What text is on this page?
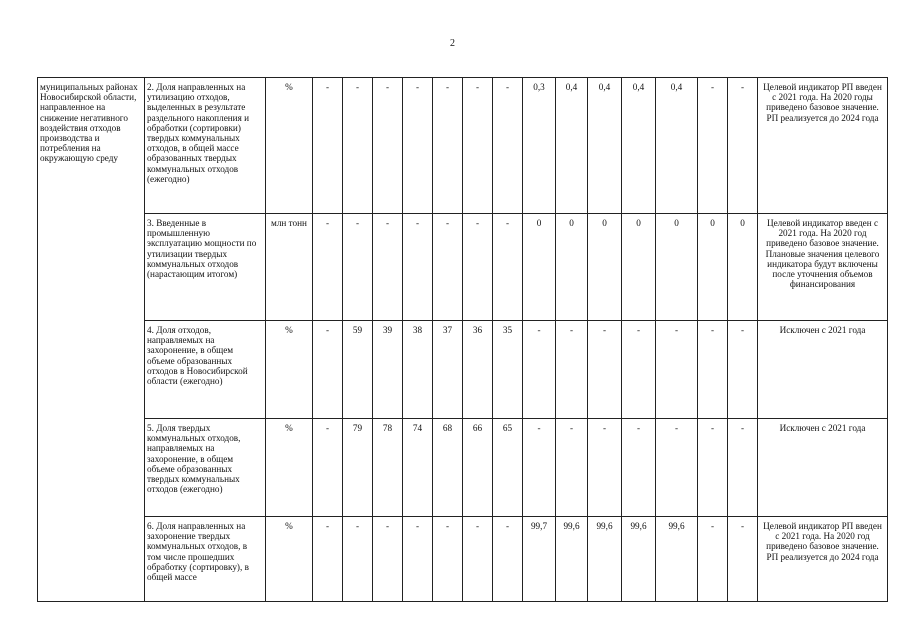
2
муниципальных районах Новосибирской области, направленное на снижение негативного воздействия отходов производства и потребления на окружающую среду	2. Доля направленных на утилизацию отходов, выделенных в результате раздельного накопления и обработки (сортировки) твердых коммунальных отходов, в общей массе образованных твердых коммунальных отходов (ежегодно)	%	-	-	-	-	-	-	-	0,3	0,4	0,4	0,4	0,4	-	-	Целевой индикатор РП введен с 2021 года. На 2020 годы приведено базовое значение. РП реализуется до 2024 года
	3. Введенные в промышленную эксплуатацию мощности по утилизации твердых коммунальных отходов (нарастающим итогом)	млн тонн	-	-	-	-	-	-	-	0	0	0	0	0	0	0	Целевой индикатор введен с 2021 года. На 2020 год приведено базовое значение. Плановые значения целевого индикатора будут включены после уточнения объемов финансирования
	4. Доля отходов, направляемых на захоронение, в общем объеме образованных отходов в Новосибирской области (ежегодно)	%	-	59	39	38	37	36	35	-	-	-	-	-	-	-	Исключен с 2021 года
	5. Доля твердых коммунальных отходов, направляемых на захоронение, в общем объеме образованных твердых коммунальных отходов (ежегодно)	%	-	79	78	74	68	66	65	-	-	-	-	-	-	-	Исключен с 2021 года
	6. Доля направленных на захоронение твердых коммунальных отходов, в том числе прошедших обработку (сортировку), в общей массе	%	-	-	-	-	-	-	-	99,7	99,6	99,6	99,6	99,6	-	-	Целевой индикатор РП введен с 2021 года. На 2020 год приведено базовое значение. РП реализуется до 2024 года
